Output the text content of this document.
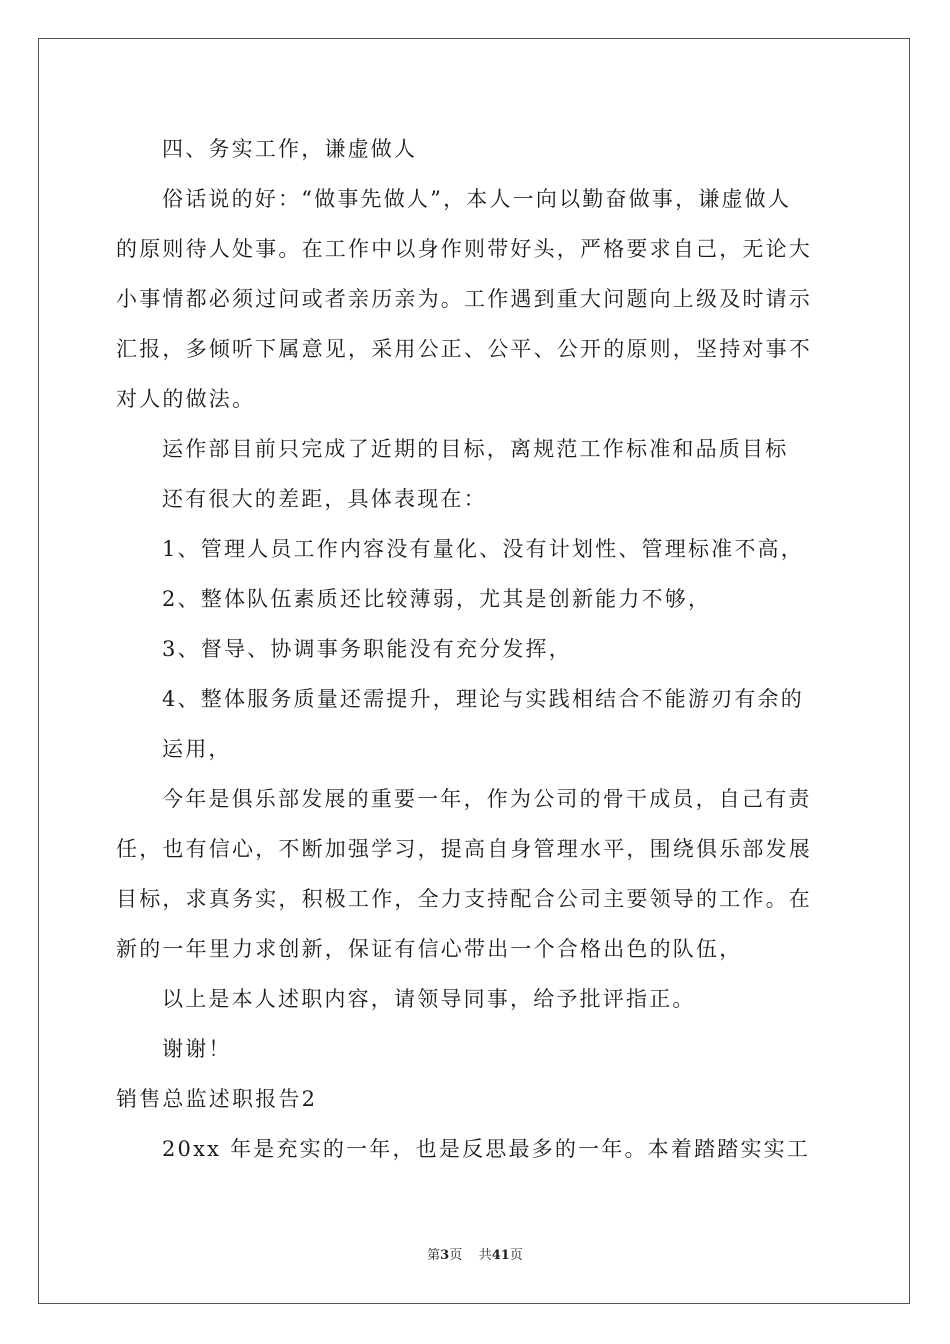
四、务实工作，谦虚做人
俗话说的好：“做事先做人”，本人一向以勤奋做事，谦虚做人
的原则待人处事。在工作中以身作则带好头，严格要求自己，无论大
小事情都必须过问或者亲历亲为。工作遇到重大问题向上级及时请示
汇报，多倾听下属意见，采用公正、公平、公开的原则，坚持对事不
对人的做法。
运作部目前只完成了近期的目标，离规范工作标准和品质目标
还有很大的差距，具体表现在：
1、管理人员工作内容没有量化、没有计划性、管理标准不高，
2、整体队伍素质还比较薄弱，尤其是创新能力不够，
3、督导、协调事务职能没有充分发挥，
4、整体服务质量还需提升，理论与实践相结合不能游刃有余的
运用，
今年是俱乐部发展的重要一年，作为公司的骨干成员，自己有责
任，也有信心，不断加强学习，提高自身管理水平，围绕俱乐部发展
目标，求真务实，积极工作，全力支持配合公司主要领导的工作。在
新的一年里力求创新，保证有信心带出一个合格出色的队伍，
以上是本人述职内容，请领导同事，给予批评指正。
谢谢！
销售总监述职报告2
20xx 年是充实的一年，也是反思最多的一年。本着踏踏实实工
第3页 共41页
